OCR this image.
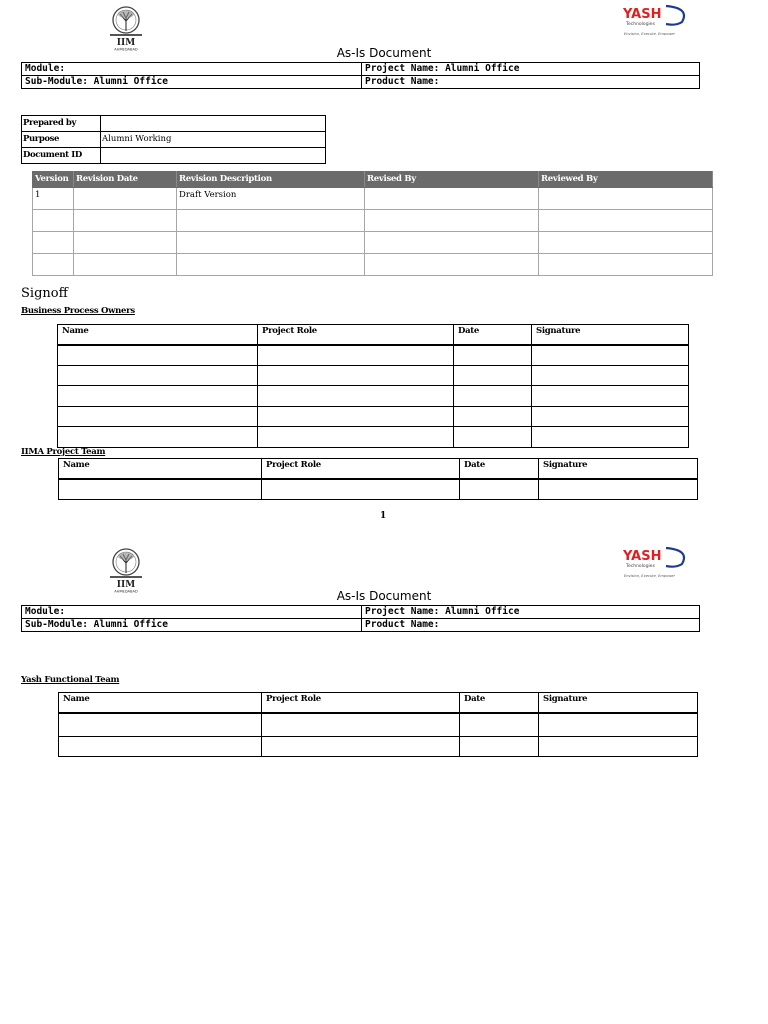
IIM
AHMEDABAD
YASH
Technologies
Envision, Execute, Empower
As-Is Document
Module:	Project Name: Alumni Office
Sub-Module: Alumni Office	Product Name:
Prepared by	
Purpose	Alumni Working
Document ID	
Version	Revision Date	Revision Description	Revised By	Reviewed By
1		Draft Version		

Signoff
Business Process Owners
Name	Project Role	Date	Signature

IIMA Project Team
Name	Project Role	Date	Signature

1
IIM
AHMEDABAD
YASH
Technologies
Envision, Execute, Empower
As-Is Document
Module:	Project Name: Alumni Office
Sub-Module: Alumni Office	Product Name:
Yash Functional Team
Name	Project Role	Date	Signature
